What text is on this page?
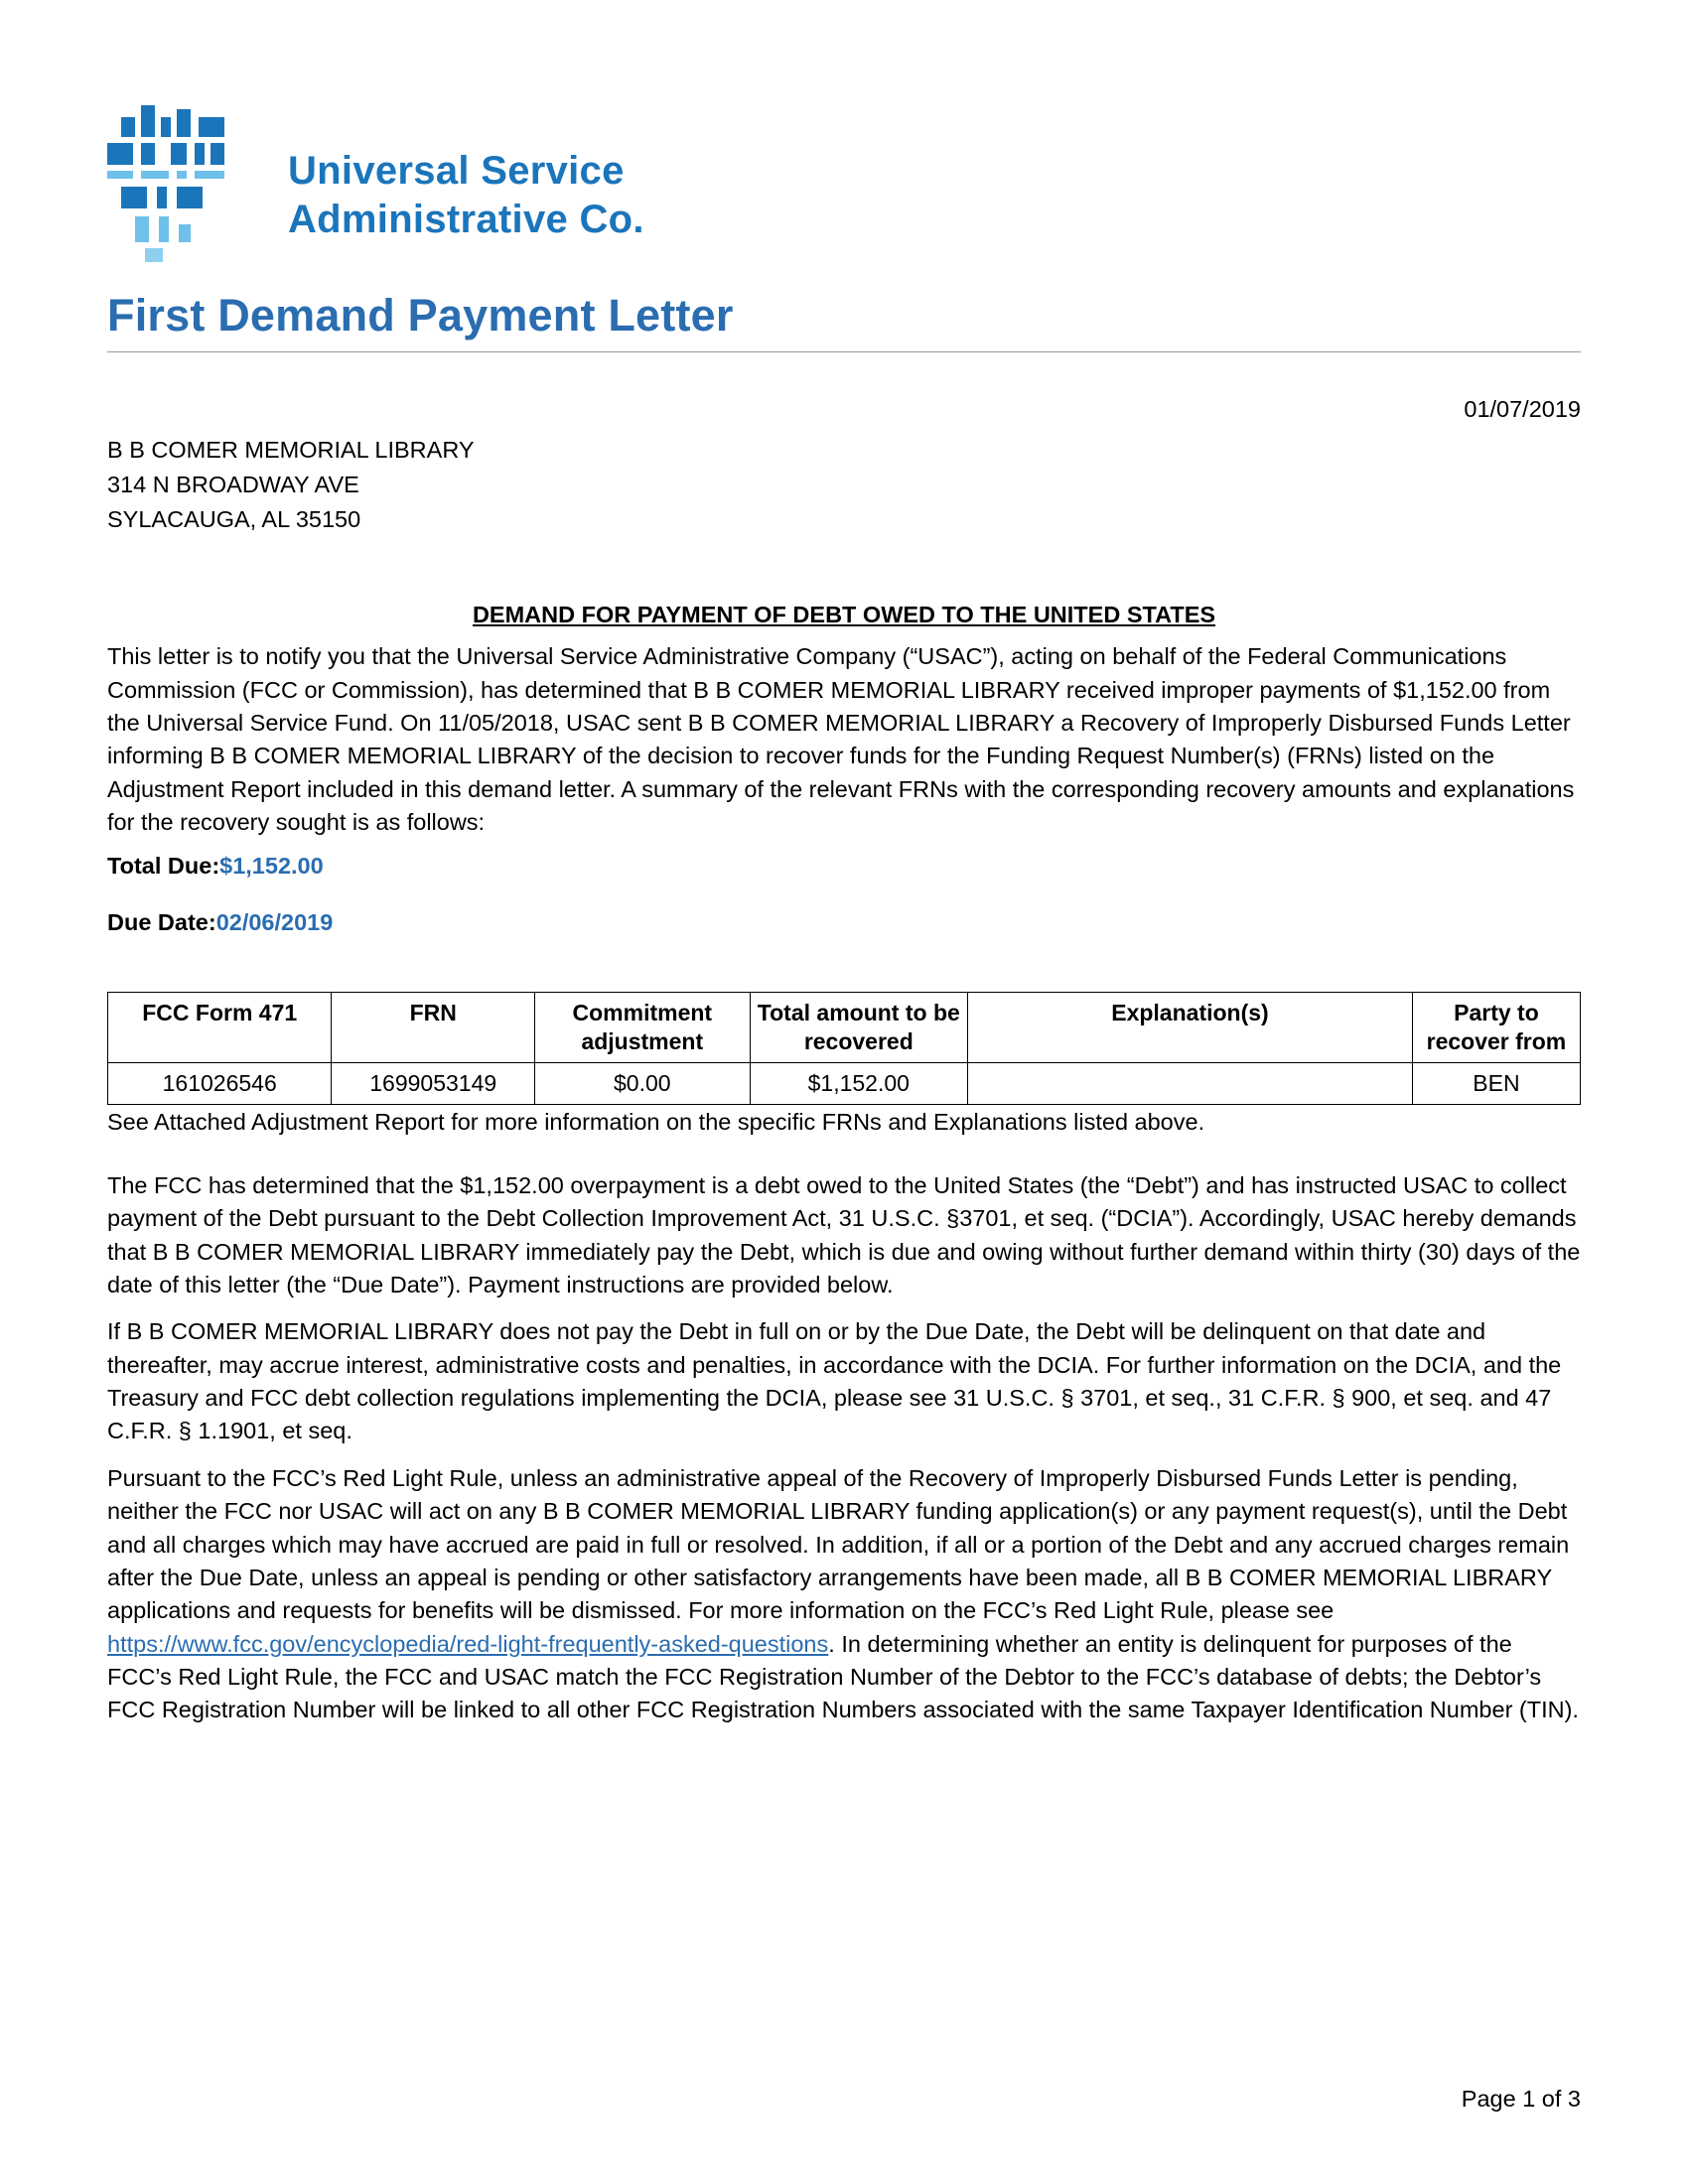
Universal Service
Administrative Co.
First Demand Payment Letter
01/07/2019
B B COMER MEMORIAL LIBRARY
314 N BROADWAY AVE
SYLACAUGA, AL 35150
DEMAND FOR PAYMENT OF DEBT OWED TO THE UNITED STATES

This letter is to notify you that the Universal Service Administrative Company (“USAC”), acting on behalf of the Federal Communications Commission (FCC or Commission), has determined that B B COMER MEMORIAL LIBRARY received improper payments of $1,152.00 from the Universal Service Fund. On 11/05/2018, USAC sent B B COMER MEMORIAL LIBRARY a Recovery of Improperly Disbursed Funds Letter informing B B COMER MEMORIAL LIBRARY of the decision to recover funds for the Funding Request Number(s) (FRNs) listed on the Adjustment Report included in this demand letter. A summary of the relevant FRNs with the corresponding recovery amounts and explanations for the recovery sought is as follows:

Total Due:$1,152.00
Due Date:02/06/2019
FCC Form 471	FRN	Commitment adjustment	Total amount to be recovered	Explanation(s)	Party to recover from
161026546	1699053149	$0.00	$1,152.00		BEN
See Attached Adjustment Report for more information on the specific FRNs and Explanations listed above.

The FCC has determined that the $1,152.00 overpayment is a debt owed to the United States (the “Debt”) and has instructed USAC to collect payment of the Debt pursuant to the Debt Collection Improvement Act, 31 U.S.C. §3701, et seq. (“DCIA”). Accordingly, USAC hereby demands that B B COMER MEMORIAL LIBRARY immediately pay the Debt, which is due and owing without further demand within thirty (30) days of the date of this letter (the “Due Date”). Payment instructions are provided below.

If B B COMER MEMORIAL LIBRARY does not pay the Debt in full on or by the Due Date, the Debt will be delinquent on that date and thereafter, may accrue interest, administrative costs and penalties, in accordance with the DCIA. For further information on the DCIA, and the Treasury and FCC debt collection regulations implementing the DCIA, please see 31 U.S.C. § 3701, et seq., 31 C.F.R. § 900, et seq. and 47 C.F.R. § 1.1901, et seq.

Pursuant to the FCC’s Red Light Rule, unless an administrative appeal of the Recovery of Improperly Disbursed Funds Letter is pending, neither the FCC nor USAC will act on any B B COMER MEMORIAL LIBRARY funding application(s) or any payment request(s), until the Debt and all charges which may have accrued are paid in full or resolved. In addition, if all or a portion of the Debt and any accrued charges remain after the Due Date, unless an appeal is pending or other satisfactory arrangements have been made, all B B COMER MEMORIAL LIBRARY applications and requests for benefits will be dismissed. For more information on the FCC’s Red Light Rule, please see https://www.fcc.gov/encyclopedia/red-light-frequently-asked-questions. In determining whether an entity is delinquent for purposes of the FCC’s Red Light Rule, the FCC and USAC match the FCC Registration Number of the Debtor to the FCC’s database of debts; the Debtor’s FCC Registration Number will be linked to all other FCC Registration Numbers associated with the same Taxpayer Identification Number (TIN).

Page 1 of 3
